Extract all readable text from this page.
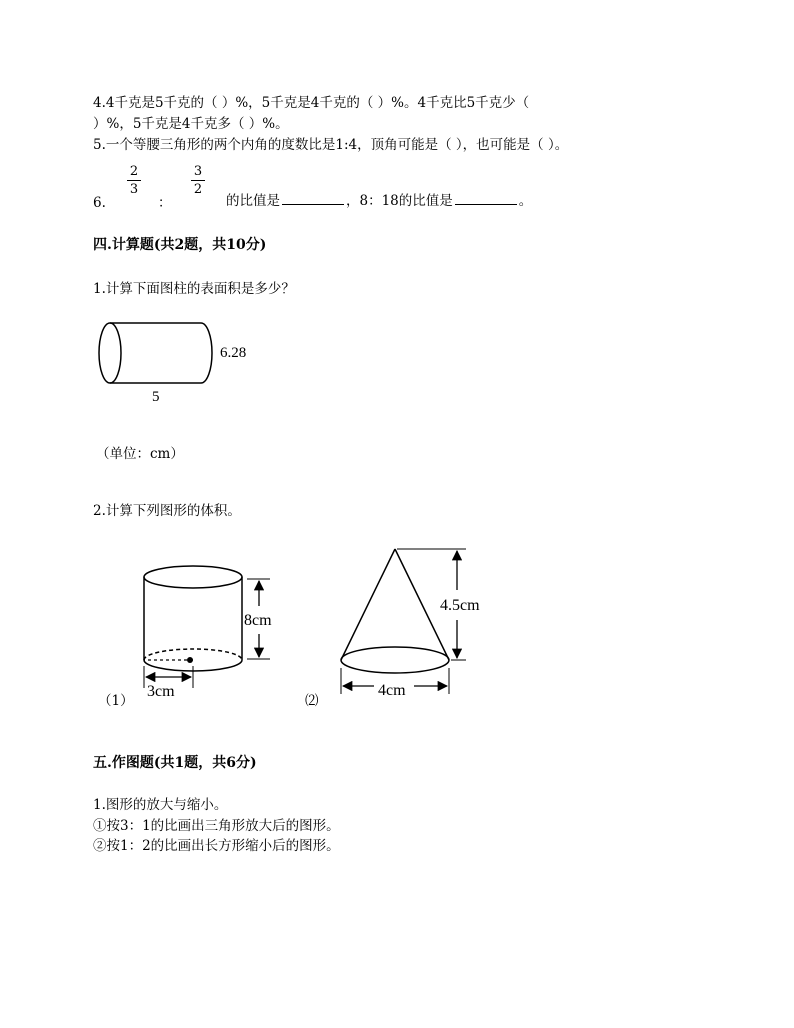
4.4千克是5千克的（ ）%，5千克是4千克的（ ）%。4千克比5千克少（
）%，5千克是4千克多（ ）%。
5.一个等腰三角形的两个内角的度数比是1:4，顶角可能是（ ），也可能是（ ）。
6.
2
3
：
3
2
的比值是	，8：18的比值是	。
四.计算题(共2题，共10分)
1.计算下面图柱的表面积是多少？
6.28
5
（单位：cm）
2.计算下列图形的体积。
8cm
3cm
（1）
4.5cm
4cm
⑵
五.作图题(共1题，共6分)
1.图形的放大与缩小。
①按3：1的比画出三角形放大后的图形。
②按1：2的比画出长方形缩小后的图形。
